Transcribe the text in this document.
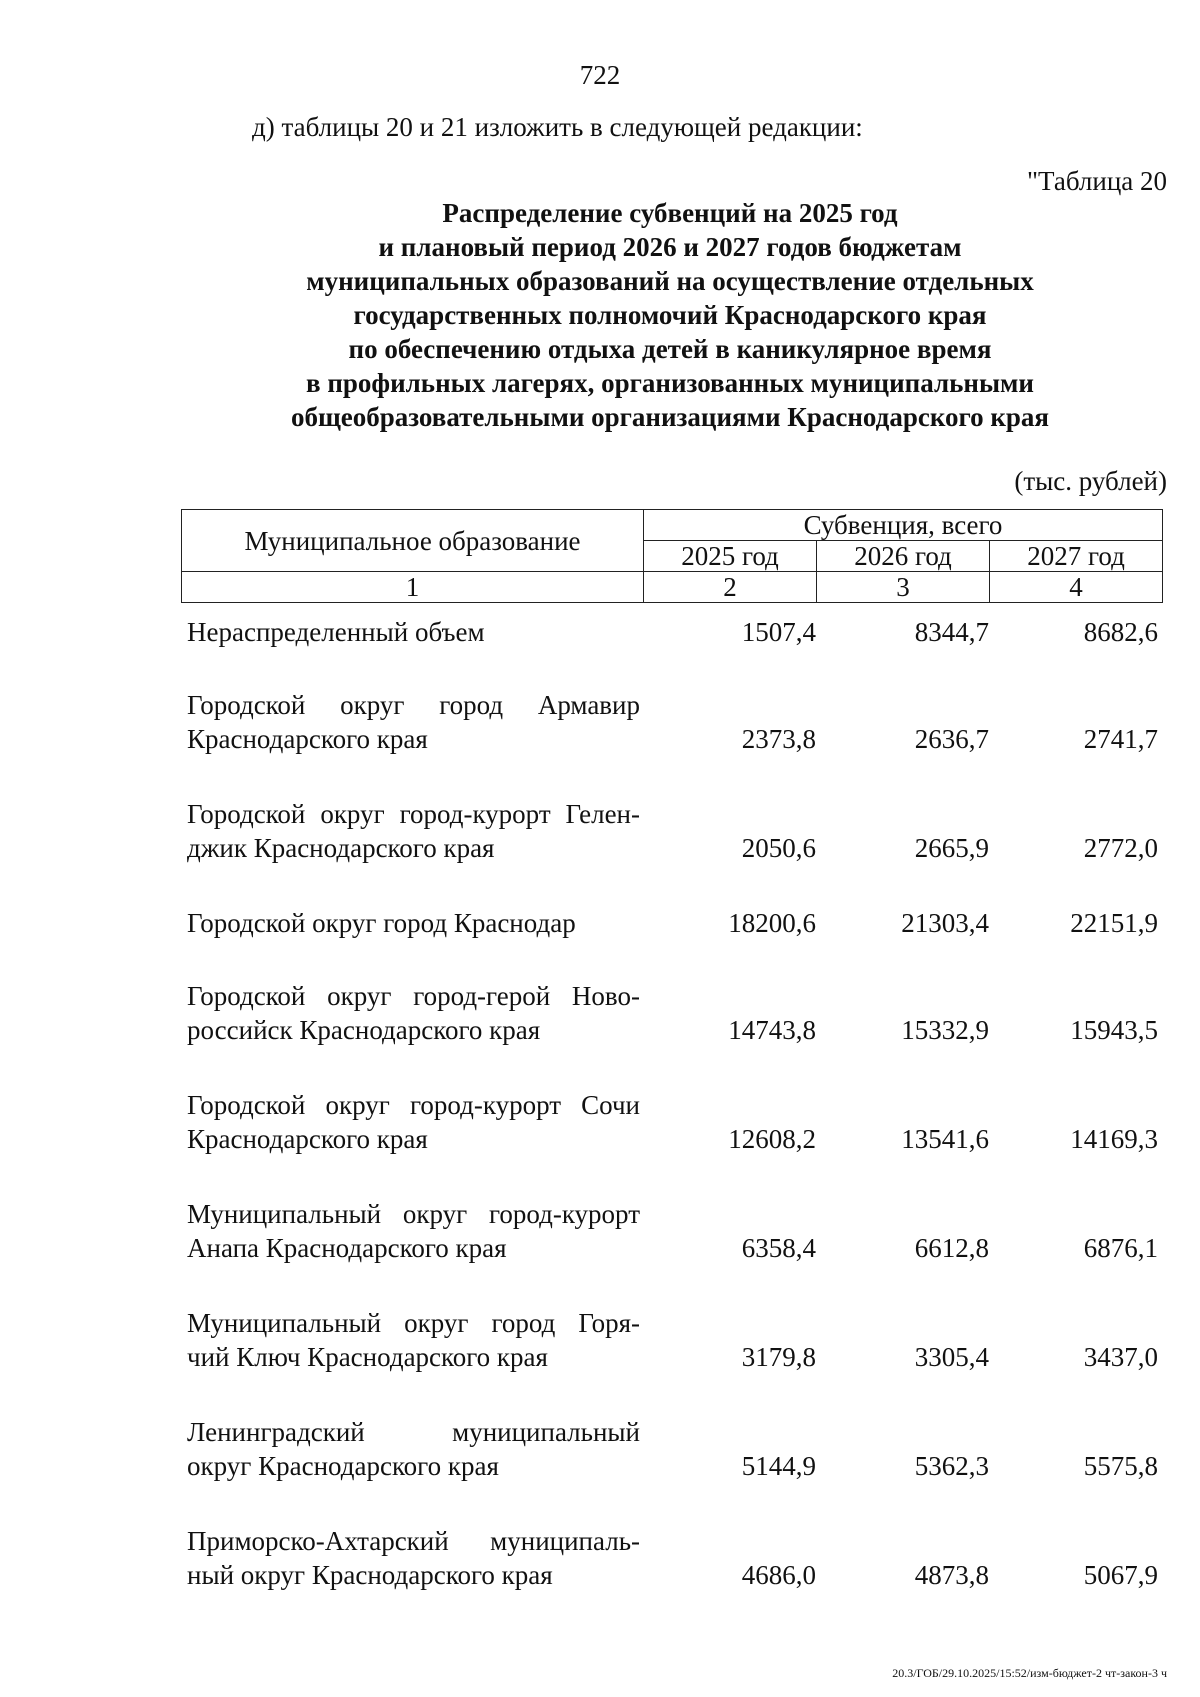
722
д) таблицы 20 и 21 изложить в следующей редакции:
"Таблица 20
Распределение субвенций на 2025 год
и плановый период 2026 и 2027 годов бюджетам
муниципальных образований на осуществление отдельных
государственных полномочий Краснодарского края
по обеспечению отдыха детей в каникулярное время
в профильных лагерях, организованных муниципальными
общеобразовательными организациями Краснодарского края
(тыс. рублей)
Муниципальное образование	Субвенция, всего		
	2025 год	2026 год	2027 год
1	2	3	4
Нераспределенный объем	1507,4	8344,7	8682,6
Городской округ город Армавир
Краснодарского края	2373,8	2636,7	2741,7
Городской округ город-курорт Гелен-
джик Краснодарского края	2050,6	2665,9	2772,0
Городской округ город Краснодар	18200,6	21303,4	22151,9
Городской округ город-герой Ново-
российск Краснодарского края	14743,8	15332,9	15943,5
Городской округ город-курорт Сочи
Краснодарского края	12608,2	13541,6	14169,3
Муниципальный округ город-курорт
Анапа Краснодарского края	6358,4	6612,8	6876,1
Муниципальный округ город Горя-
чий Ключ Краснодарского края	3179,8	3305,4	3437,0
Ленинградский муниципальный
округ Краснодарского края	5144,9	5362,3	5575,8
Приморско-Ахтарский муниципаль-
ный округ Краснодарского края	4686,0	4873,8	5067,9
20.3/ГОБ/29.10.2025/15:52/изм-бюджет-2 чт-закон-3 ч
